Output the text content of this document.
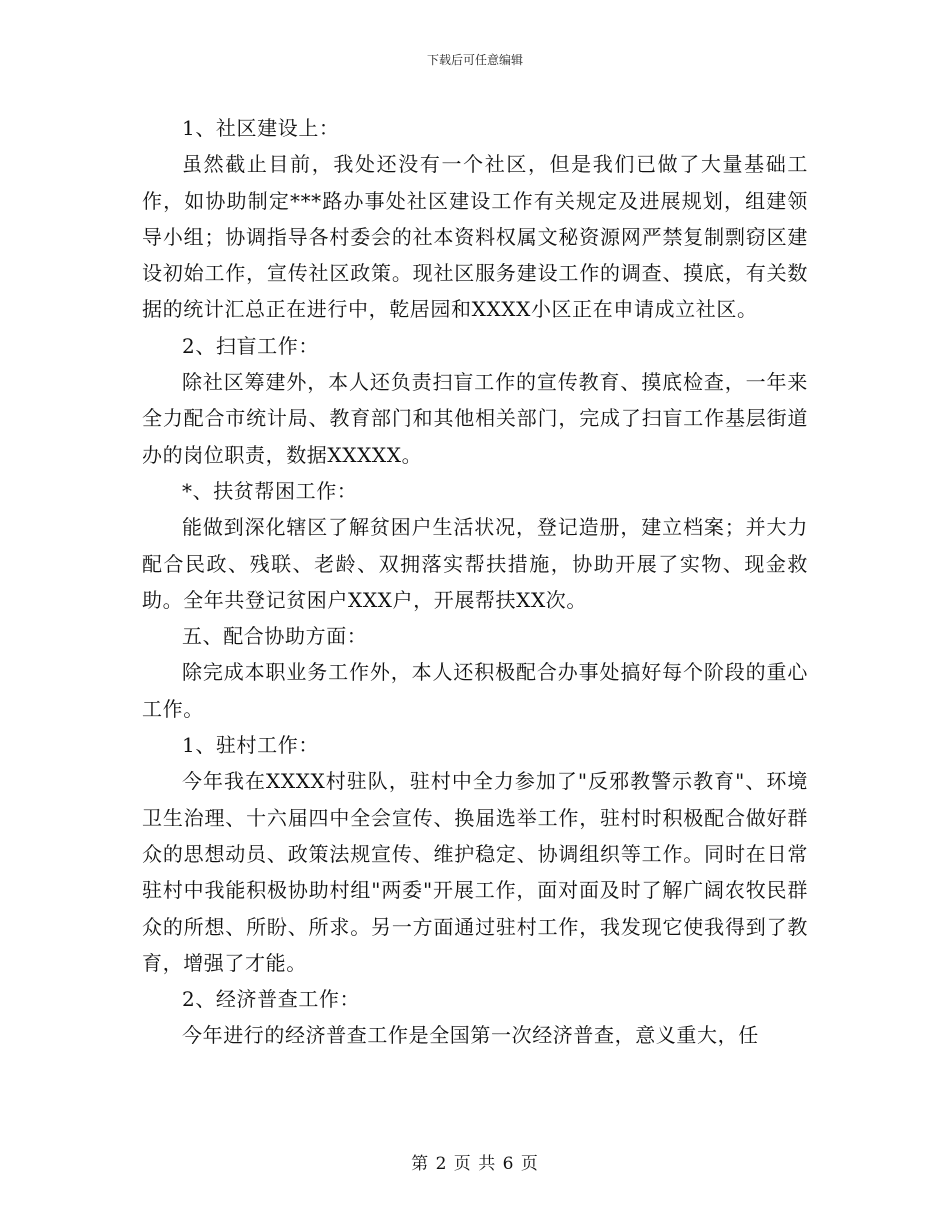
下载后可任意编辑

1、社区建设上：

虽然截止目前，我处还没有一个社区，但是我们已做了大量基础工作，如协助制定***路办事处社区建设工作有关规定及进展规划，组建领导小组；协调指导各村委会的社本资料权属文秘资源网严禁复制剽窃区建设初始工作，宣传社区政策。现社区服务建设工作的调查、摸底，有关数据的统计汇总正在进行中，乾居园和XXXX小区正在申请成立社区。

2、扫盲工作：

除社区筹建外，本人还负责扫盲工作的宣传教育、摸底检查，一年来全力配合市统计局、教育部门和其他相关部门，完成了扫盲工作基层街道办的岗位职责，数据XXXXX。

*、扶贫帮困工作：

能做到深化辖区了解贫困户生活状况，登记造册，建立档案；并大力配合民政、残联、老龄、双拥落实帮扶措施，协助开展了实物、现金救助。全年共登记贫困户XXX户，开展帮扶XX次。

五、配合协助方面：

除完成本职业务工作外，本人还积极配合办事处搞好每个阶段的重心工作。

1、驻村工作：

今年我在XXXX村驻队，驻村中全力参加了"反邪教警示教育"、环境卫生治理、十六届四中全会宣传、换届选举工作，驻村时积极配合做好群众的思想动员、政策法规宣传、维护稳定、协调组织等工作。同时在日常驻村中我能积极协助村组"两委"开展工作，面对面及时了解广阔农牧民群众的所想、所盼、所求。另一方面通过驻村工作，我发现它使我得到了教育，增强了才能。

2、经济普查工作：

今年进行的经济普查工作是全国第一次经济普查，意义重大，任

第 2 页 共 6 页
